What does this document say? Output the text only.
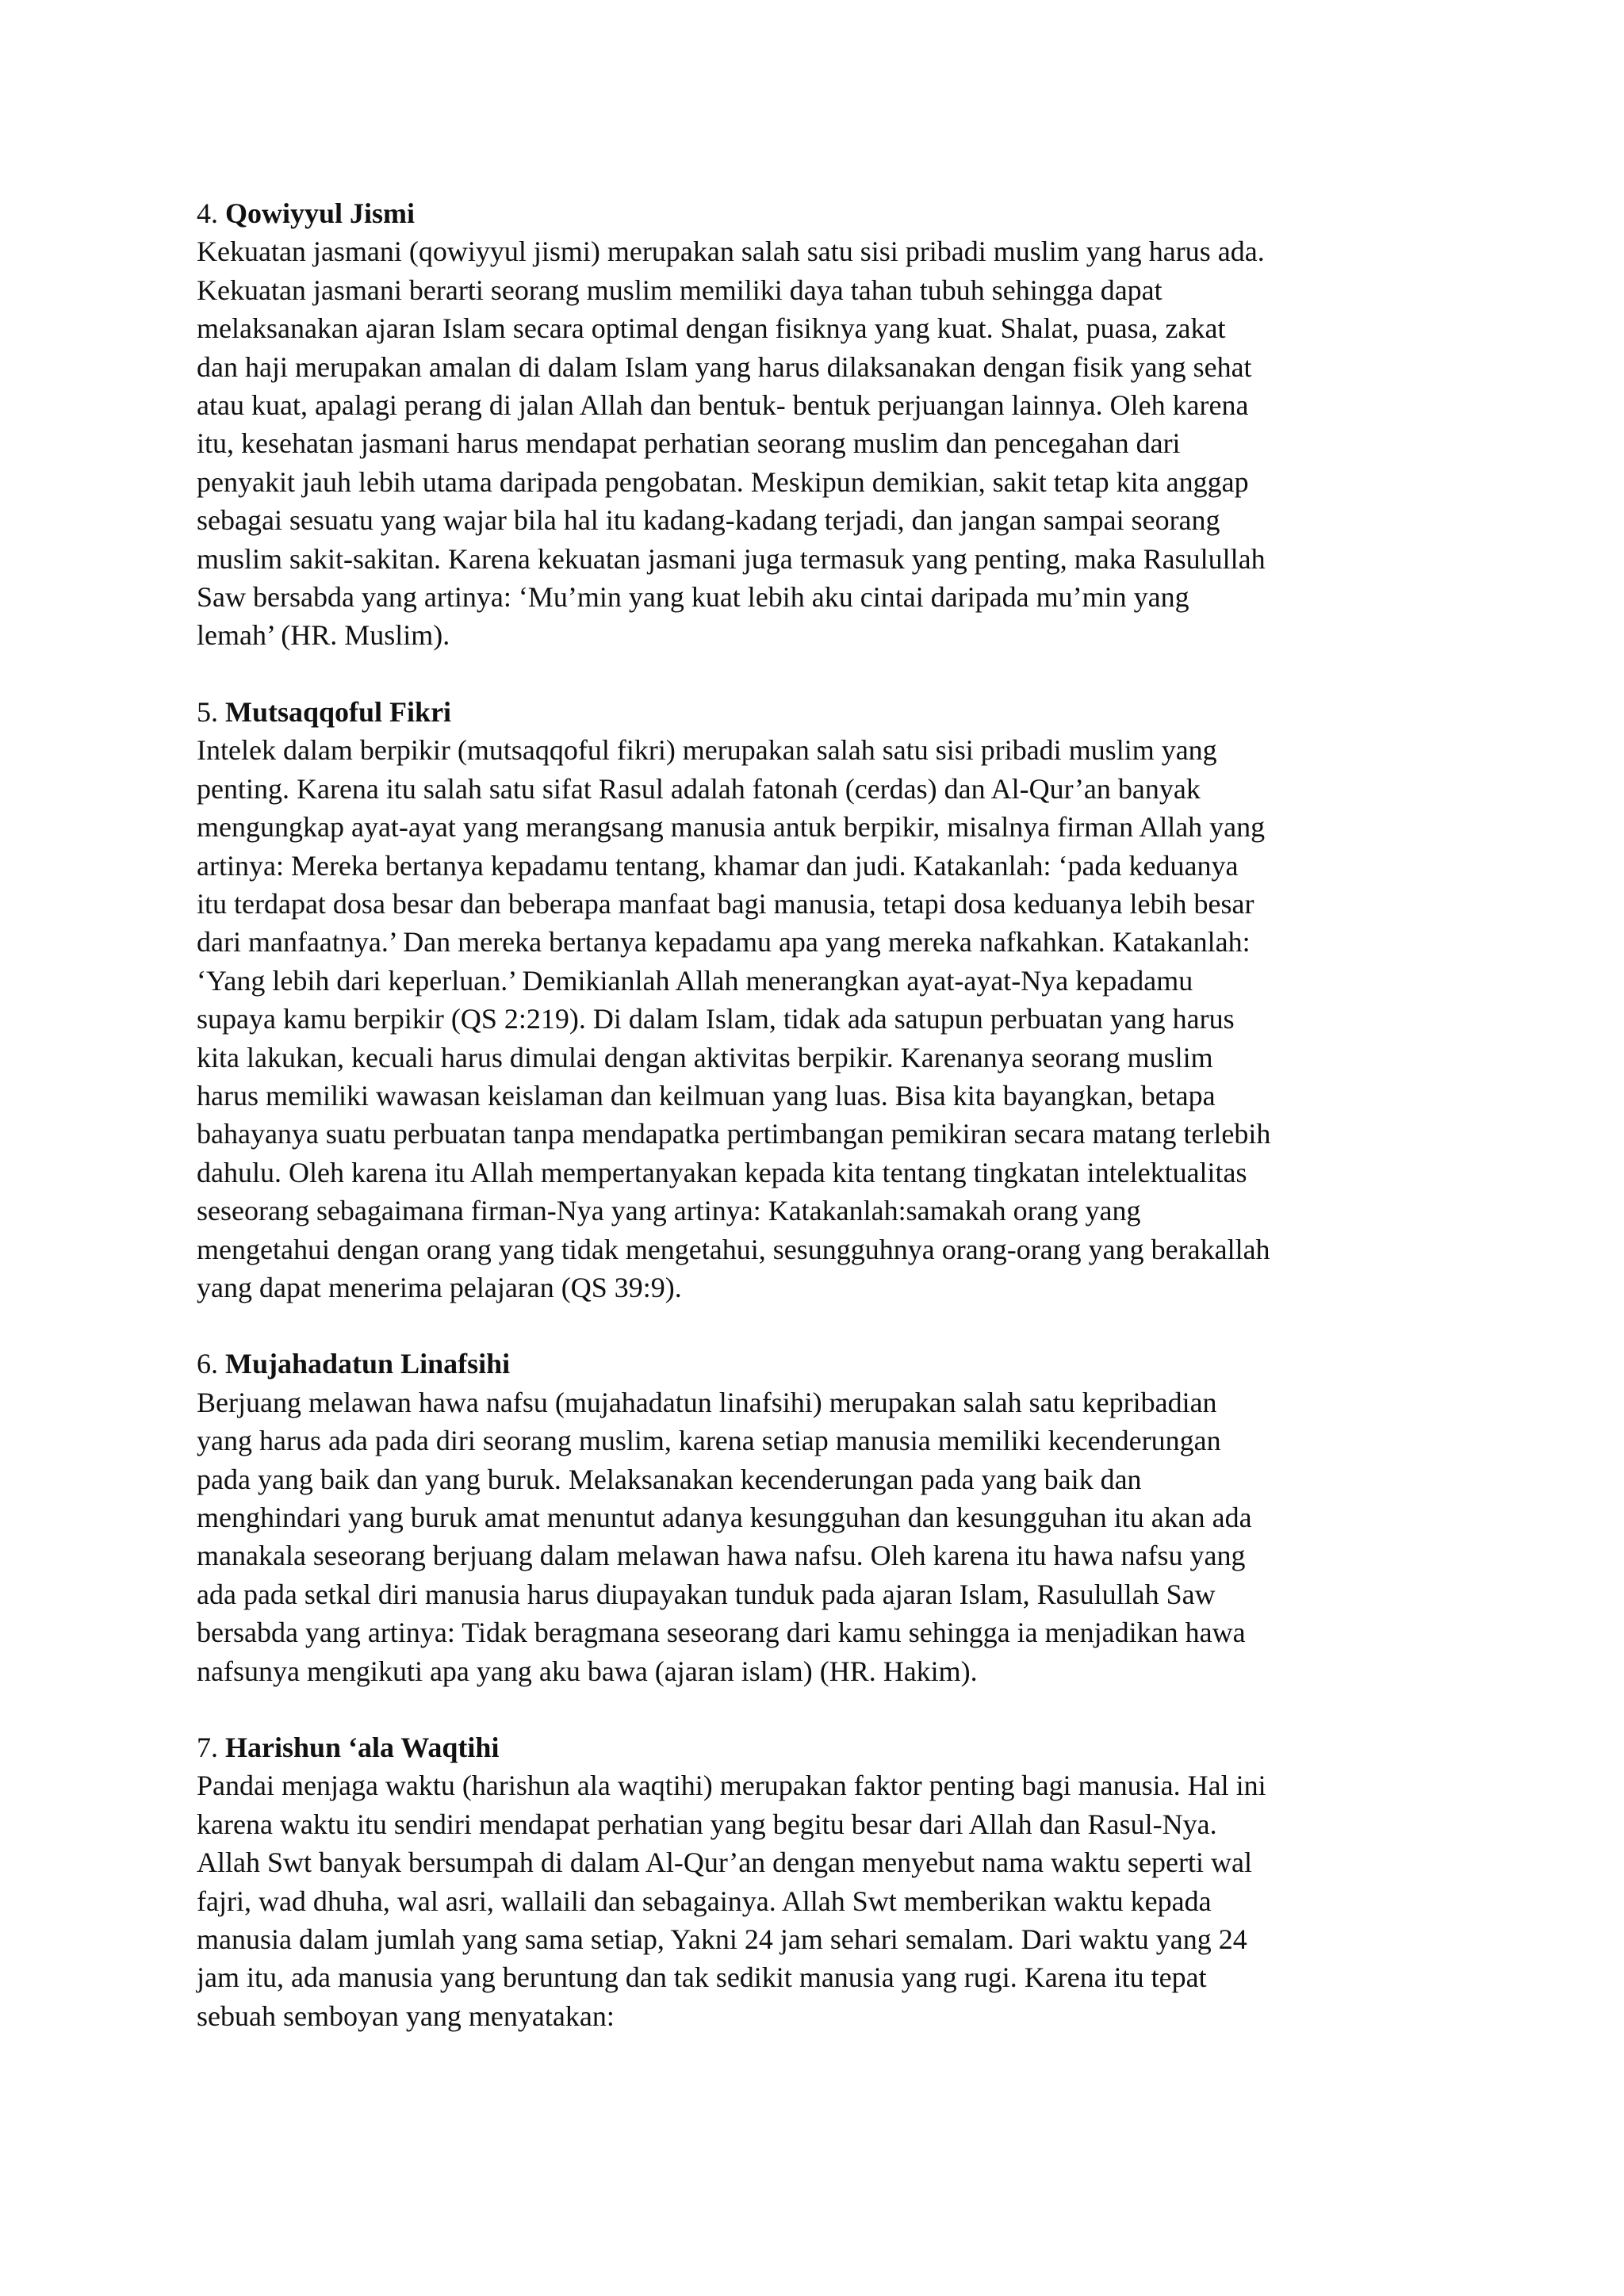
4. Qowiyyul Jismi
Kekuatan jasmani (qowiyyul jismi) merupakan salah satu sisi pribadi muslim yang harus ada.
Kekuatan jasmani berarti seorang muslim memiliki daya tahan tubuh sehingga dapat
melaksanakan ajaran Islam secara optimal dengan fisiknya yang kuat. Shalat, puasa, zakat
dan haji merupakan amalan di dalam Islam yang harus dilaksanakan dengan fisik yang sehat
atau kuat, apalagi perang di jalan Allah dan bentuk- bentuk perjuangan lainnya. Oleh karena
itu, kesehatan jasmani harus mendapat perhatian seorang muslim dan pencegahan dari
penyakit jauh lebih utama daripada pengobatan. Meskipun demikian, sakit tetap kita anggap
sebagai sesuatu yang wajar bila hal itu kadang-kadang terjadi, dan jangan sampai seorang
muslim sakit-sakitan. Karena kekuatan jasmani juga termasuk yang penting, maka Rasulullah
Saw bersabda yang artinya: ‘Mu’min yang kuat lebih aku cintai daripada mu’min yang
lemah’ (HR. Muslim).
5. Mutsaqqoful Fikri
Intelek dalam berpikir (mutsaqqoful fikri) merupakan salah satu sisi pribadi muslim yang
penting. Karena itu salah satu sifat Rasul adalah fatonah (cerdas) dan Al-Qur’an banyak
mengungkap ayat-ayat yang merangsang manusia antuk berpikir, misalnya firman Allah yang
artinya: Mereka bertanya kepadamu tentang, khamar dan judi. Katakanlah: ‘pada keduanya
itu terdapat dosa besar dan beberapa manfaat bagi manusia, tetapi dosa keduanya lebih besar
dari manfaatnya.’ Dan mereka bertanya kepadamu apa yang mereka nafkahkan. Katakanlah:
‘Yang lebih dari keperluan.’ Demikianlah Allah menerangkan ayat-ayat-Nya kepadamu
supaya kamu berpikir (QS 2:219). Di dalam Islam, tidak ada satupun perbuatan yang harus
kita lakukan, kecuali harus dimulai dengan aktivitas berpikir. Karenanya seorang muslim
harus memiliki wawasan keislaman dan keilmuan yang luas. Bisa kita bayangkan, betapa
bahayanya suatu perbuatan tanpa mendapatka pertimbangan pemikiran secara matang terlebih
dahulu. Oleh karena itu Allah mempertanyakan kepada kita tentang tingkatan intelektualitas
seseorang sebagaimana firman-Nya yang artinya: Katakanlah:samakah orang yang
mengetahui dengan orang yang tidak mengetahui, sesungguhnya orang-orang yang berakallah
yang dapat menerima pelajaran (QS 39:9).
6. Mujahadatun Linafsihi
Berjuang melawan hawa nafsu (mujahadatun linafsihi) merupakan salah satu kepribadian
yang harus ada pada diri seorang muslim, karena setiap manusia memiliki kecenderungan
pada yang baik dan yang buruk. Melaksanakan kecenderungan pada yang baik dan
menghindari yang buruk amat menuntut adanya kesungguhan dan kesungguhan itu akan ada
manakala seseorang berjuang dalam melawan hawa nafsu. Oleh karena itu hawa nafsu yang
ada pada setkal diri manusia harus diupayakan tunduk pada ajaran Islam, Rasulullah Saw
bersabda yang artinya: Tidak beragmana seseorang dari kamu sehingga ia menjadikan hawa
nafsunya mengikuti apa yang aku bawa (ajaran islam) (HR. Hakim).
7. Harishun ‘ala Waqtihi
Pandai menjaga waktu (harishun ala waqtihi) merupakan faktor penting bagi manusia. Hal ini
karena waktu itu sendiri mendapat perhatian yang begitu besar dari Allah dan Rasul-Nya.
Allah Swt banyak bersumpah di dalam Al-Qur’an dengan menyebut nama waktu seperti wal
fajri, wad dhuha, wal asri, wallaili dan sebagainya. Allah Swt memberikan waktu kepada
manusia dalam jumlah yang sama setiap, Yakni 24 jam sehari semalam. Dari waktu yang 24
jam itu, ada manusia yang beruntung dan tak sedikit manusia yang rugi. Karena itu tepat
sebuah semboyan yang menyatakan:
